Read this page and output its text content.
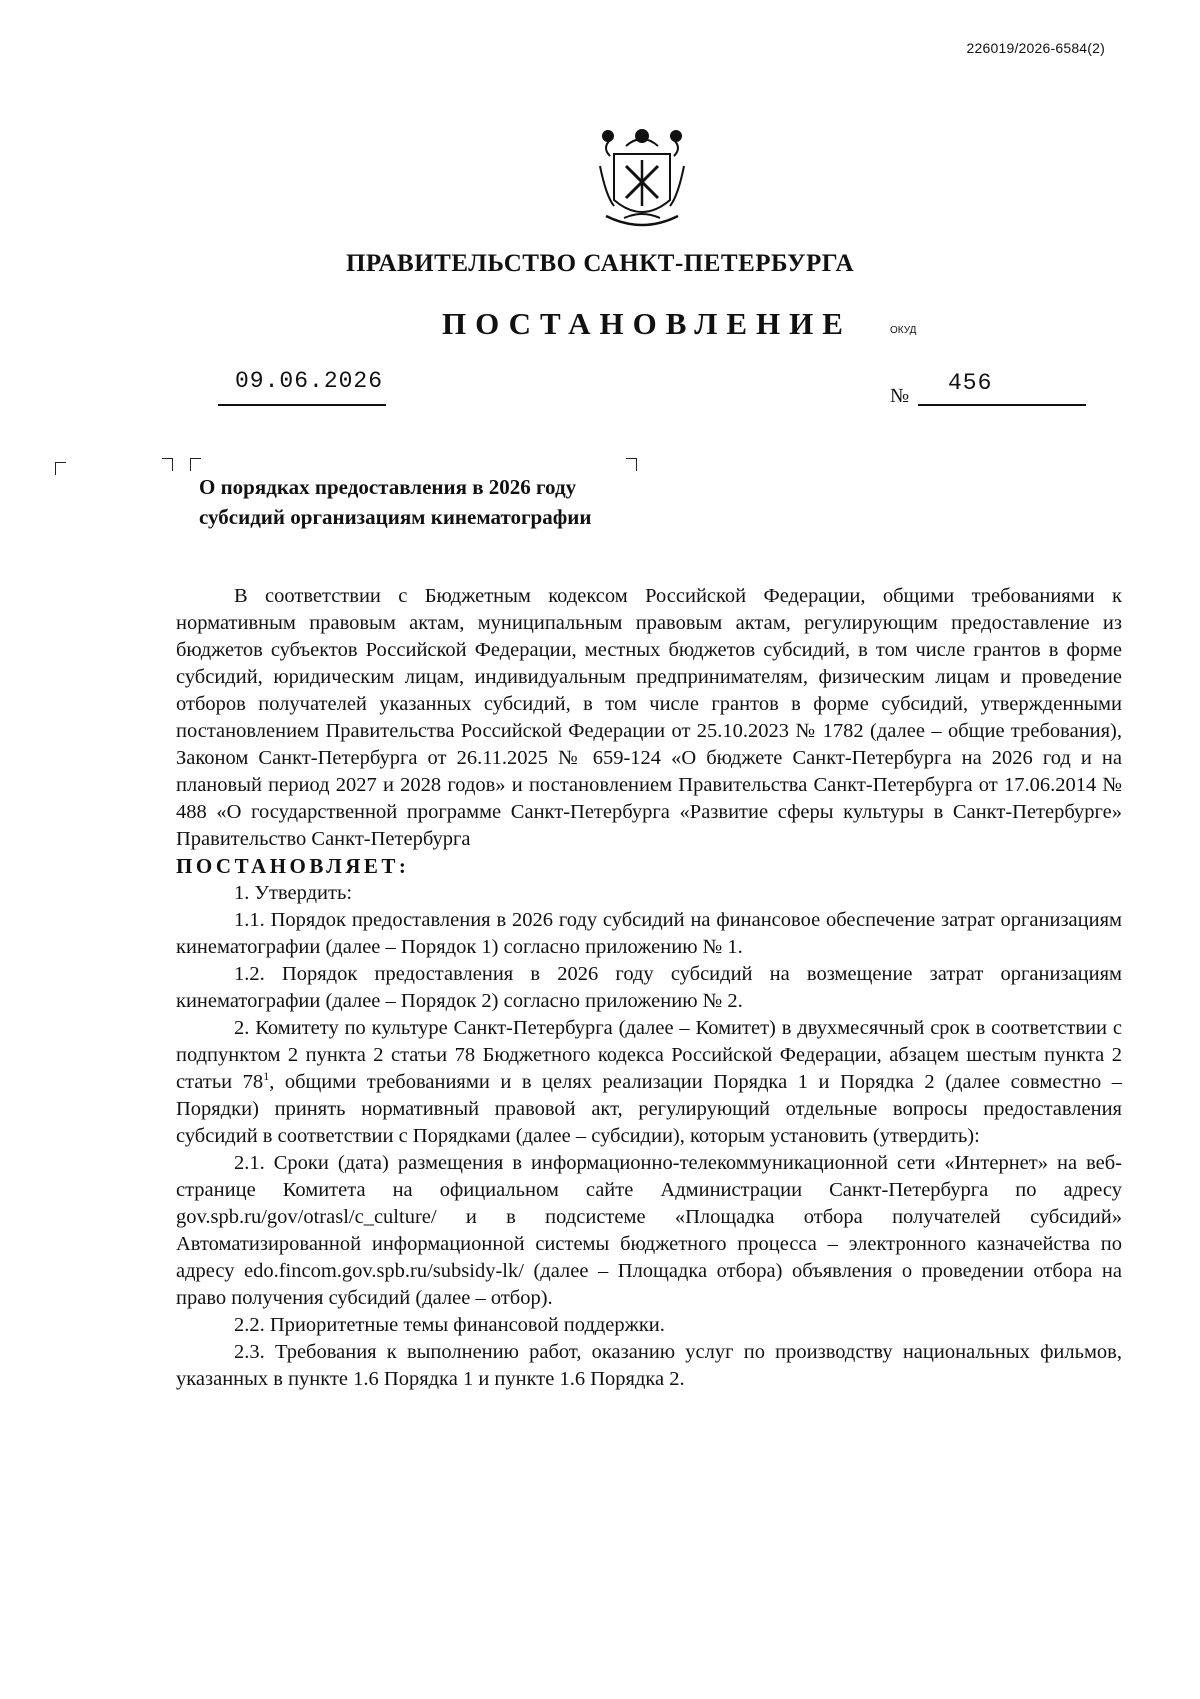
226019/2026-6584(2)
ПРАВИТЕЛЬСТВО САНКТ-ПЕТЕРБУРГА
ПОСТАНОВЛЕНИЕ	ОКУД
09.06.2026
№ 456
О порядках предоставления в 2026 году
субсидий организациям кинематографии

В соответствии с Бюджетным кодексом Российской Федерации, общими требованиями к нормативным правовым актам, муниципальным правовым актам, регулирующим предоставление из бюджетов субъектов Российской Федерации, местных бюджетов субсидий, в том числе грантов в форме субсидий, юридическим лицам, индивидуальным предпринимателям, физическим лицам и проведение отборов получателей указанных субсидий, в том числе грантов в форме субсидий, утвержденными постановлением Правительства Российской Федерации от 25.10.2023 № 1782 (далее – общие требования), Законом Санкт-Петербурга от 26.11.2025 № 659-124 «О бюджете Санкт-Петербурга на 2026 год и на плановый период 2027 и 2028 годов» и постановлением Правительства Санкт-Петербурга от 17.06.2014 № 488 «О государственной программе Санкт-Петербурга «Развитие сферы культуры в Санкт-Петербурге» Правительство Санкт-Петербурга

ПОСТАНОВЛЯЕТ:

1. Утвердить:

1.1. Порядок предоставления в 2026 году субсидий на финансовое обеспечение затрат организациям кинематографии (далее – Порядок 1) согласно приложению № 1.

1.2. Порядок предоставления в 2026 году субсидий на возмещение затрат организациям кинематографии (далее – Порядок 2) согласно приложению № 2.

2. Комитету по культуре Санкт-Петербурга (далее – Комитет) в двухмесячный срок в соответствии с подпунктом 2 пункта 2 статьи 78 Бюджетного кодекса Российской Федерации, абзацем шестым пункта 2 статьи $78^1$, общими требованиями и в целях реализации Порядка 1 и Порядка 2 (далее совместно – Порядки) принять нормативный правовой акт, регулирующий отдельные вопросы предоставления субсидий в соответствии с Порядками (далее – субсидии), которым установить (утвердить):

2.1. Сроки (дата) размещения в информационно-телекоммуникационной сети «Интернет» на веб-странице Комитета на официальном сайте Администрации Санкт-Петербурга по адресу gov.spb.ru/gov/otrasl/c_culture/ и в подсистеме «Площадка отбора получателей субсидий» Автоматизированной информационной системы бюджетного процесса – электронного казначейства по адресу edo.fincom.gov.spb.ru/subsidy-lk/ (далее – Площадка отбора) объявления о проведении отбора на право получения субсидий (далее – отбор).

2.2. Приоритетные темы финансовой поддержки.

2.3. Требования к выполнению работ, оказанию услуг по производству национальных фильмов, указанных в пункте 1.6 Порядка 1 и пункте 1.6 Порядка 2.
